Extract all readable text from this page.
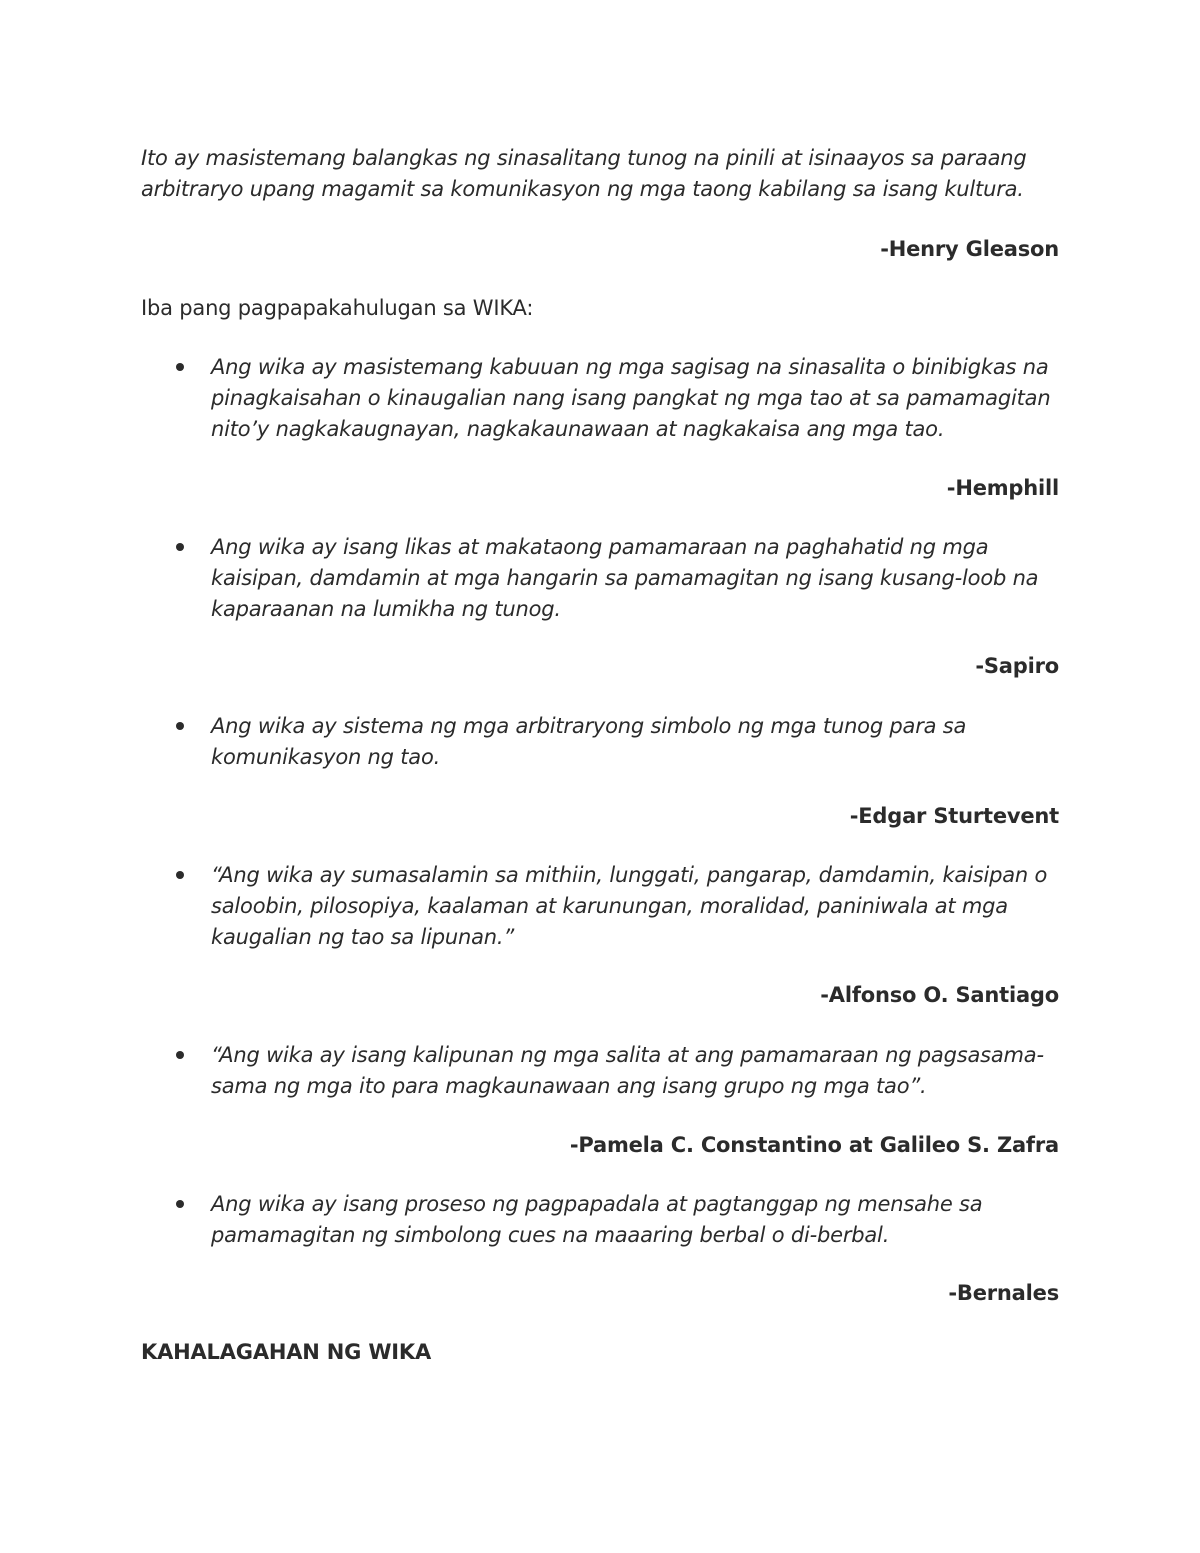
Ito ay masistemang balangkas ng sinasalitang tunog na pinili at isinaayos sa paraang arbitraryo upang magamit sa komunikasyon ng mga taong kabilang sa isang kultura.

-Henry Gleason

Iba pang pagpapakahulugan sa WIKA:

Ang wika ay masistemang kabuuan ng mga sagisag na sinasalita o binibigkas na pinagkaisahan o kinaugalian nang isang pangkat ng mga tao at sa pamamagitan nito’y nagkakaugnayan, nagkakaunawaan at nagkakaisa ang mga tao.

-Hemphill

Ang wika ay isang likas at makataong pamamaraan na paghahatid ng mga kaisipan, damdamin at mga hangarin sa pamamagitan ng isang kusang-loob na kaparaanan na lumikha ng tunog.

-Sapiro

Ang wika ay sistema ng mga arbitraryong simbolo ng mga tunog para sa komunikasyon ng tao.

-Edgar Sturtevent

“Ang wika ay sumasalamin sa mithiin, lunggati, pangarap, damdamin, kaisipan o saloobin, pilosopiya, kaalaman at karunungan, moralidad, paniniwala at mga kaugalian ng tao sa lipunan.”

-Alfonso O. Santiago

“Ang wika ay isang kalipunan ng mga salita at ang pamamaraan ng pagsasama-sama ng mga ito para magkaunawaan ang isang grupo ng mga tao”.

-Pamela C. Constantino at Galileo S. Zafra

Ang wika ay isang proseso ng pagpapadala at pagtanggap ng mensahe sa pamamagitan ng simbolong cues na maaaring berbal o di-berbal.

-Bernales

KAHALAGAHAN NG WIKA
